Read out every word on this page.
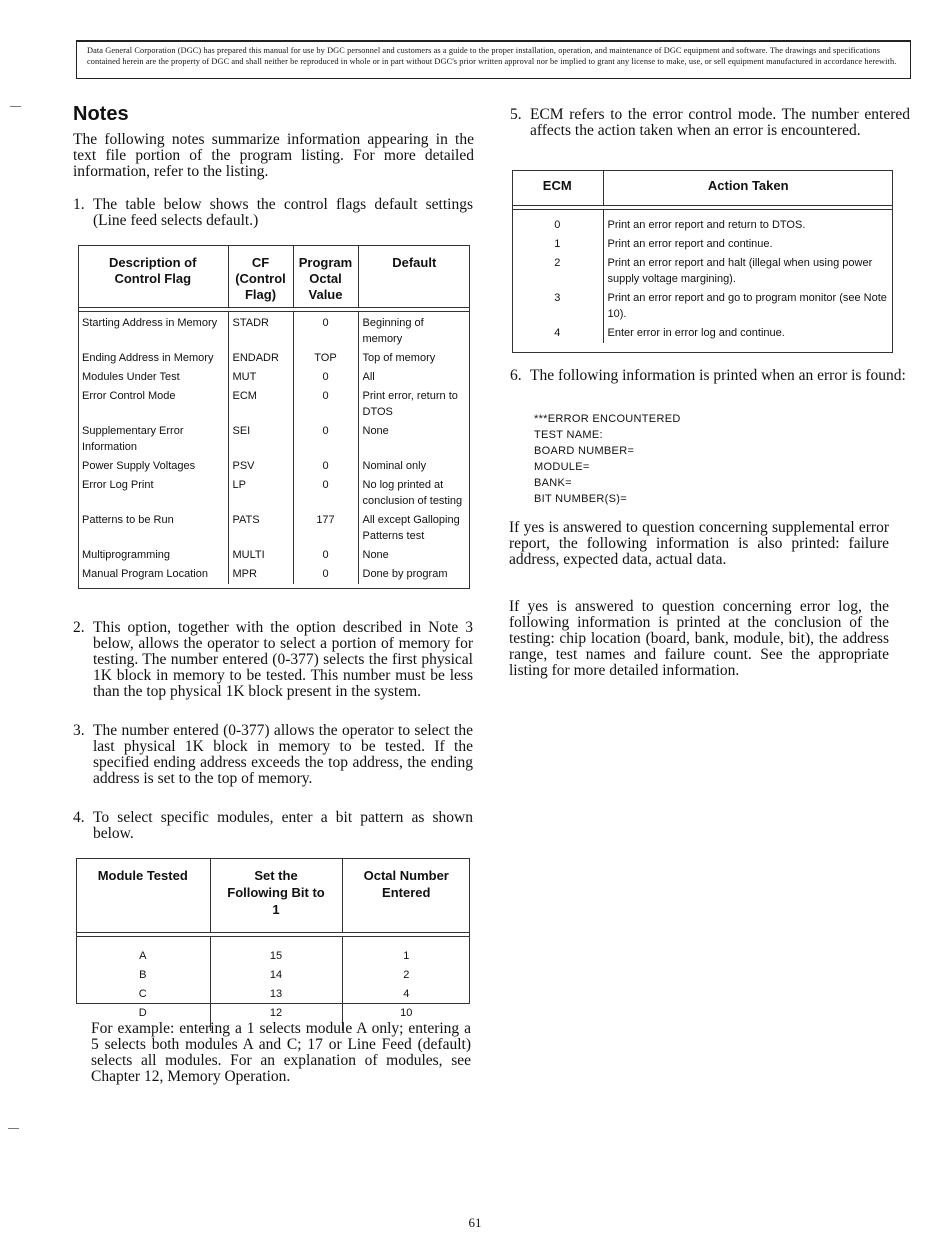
Data General Corporation (DGC) has prepared this manual for use by DGC personnel and customers as a guide to the proper installation, operation, and maintenance of DGC equipment and software. The drawings and specifications contained herein are the property of DGC and shall neither be reproduced in whole or in part without DGC's prior written approval nor be implied to grant any license to make, use, or sell equipment manufactured in accordance herewith.
Notes

The following notes summarize information appearing in the text file portion of the program listing. For more detailed information, refer to the listing.

1. The table below shows the control flags default settings (Line feed selects default.)

Description of Control Flag	CF (Control Flag)	Program Octal Value	Default

Starting Address in Memory	STADR	0	Beginning of memory
Ending Address in Memory	ENDADR	TOP	Top of memory
Modules Under Test	MUT	0	All
Error Control Mode	ECM	0	Print error, return to DTOS
Supplementary Error Information	SEI	0	None
Power Supply Voltages	PSV	0	Nominal only
Error Log Print	LP	0	No log printed at conclusion of testing
Patterns to be Run	PATS	177	All except Galloping Patterns test
Multiprogramming	MULTI	0	None
Manual Program Location	MPR	0	Done by program
2. This option, together with the option described in Note 3 below, allows the operator to select a portion of memory for testing. The number entered (0-377) selects the first physical 1K block in memory to be tested. This number must be less than the top physical 1K block present in the system.

3. The number entered (0-377) allows the operator to select the last physical 1K block in memory to be tested. If the specified ending address exceeds the top address, the ending address is set to the top of memory.

4. To select specific modules, enter a bit pattern as shown below.

Module Tested	Set the Following Bit to 1	Octal Number Entered

A	15	1
B	14	2
C	13	4
D	12	10

For example: entering a 1 selects module A only; entering a 5 selects both modules A and C; 17 or Line Feed (default) selects all modules. For an explanation of modules, see Chapter 12, Memory Operation.

5. ECM refers to the error control mode. The number entered affects the action taken when an error is encountered.

ECM	Action Taken

0	Print an error report and return to DTOS.
1	Print an error report and continue.
2	Print an error report and halt (illegal when using power supply voltage margining).
3	Print an error report and go to program monitor (see Note 10).
4	Enter error in error log and continue.
6. The following information is printed when an error is found:

***ERROR ENCOUNTERED
TEST NAME:
BOARD NUMBER=
MODULE=
BANK=
BIT NUMBER(S)=

If yes is answered to question concerning supplemental error report, the following information is also printed: failure address, expected data, actual data.

If yes is answered to question concerning error log, the following information is printed at the conclusion of the testing: chip location (board, bank, module, bit), the address range, test names and failure count. See the appropriate listing for more detailed information.

61
